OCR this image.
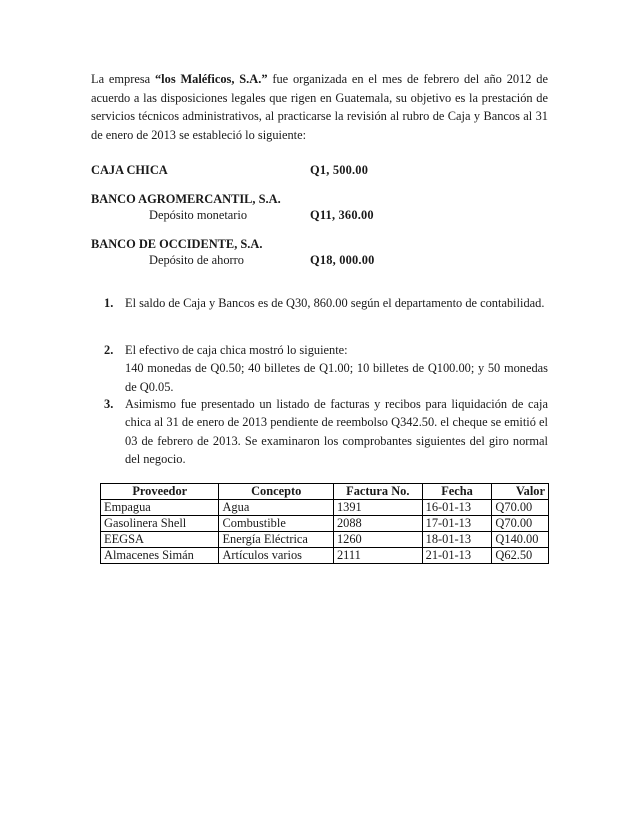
La empresa “los Maléficos, S.A.” fue organizada en el mes de febrero del año 2012 de acuerdo a las disposiciones legales que rigen en Guatemala, su objetivo es la prestación de servicios técnicos administrativos, al practicarse la revisión al rubro de Caja y Bancos al 31 de enero de 2013 se estableció lo siguiente:

CAJA CHICA	Q1, 500.00
BANCO AGROMERCANTIL, S.A.
Depósito monetario	Q11, 360.00
BANCO DE OCCIDENTE, S.A.
Depósito de ahorro	Q18, 000.00
1. El saldo de Caja y Bancos es de Q30, 860.00 según el departamento de contabilidad.
2. El efectivo de caja chica mostró lo siguiente:
140 monedas de Q0.50; 40 billetes de Q1.00; 10 billetes de Q100.00; y 50 monedas de Q0.05.
3. Asimismo fue presentado un listado de facturas y recibos para liquidación de caja chica al 31 de enero de 2013 pendiente de reembolso Q342.50. el cheque se emitió el 03 de febrero de 2013. Se examinaron los comprobantes siguientes del giro normal del negocio.
Proveedor	Concepto	Factura No.	Fecha	Valor
Empagua	Agua	1391	16-01-13	Q70.00
Gasolinera Shell	Combustible	2088	17-01-13	Q70.00
EEGSA	Energía Eléctrica	1260	18-01-13	Q140.00
Almacenes Simán	Artículos varios	2111	21-01-13	Q62.50
